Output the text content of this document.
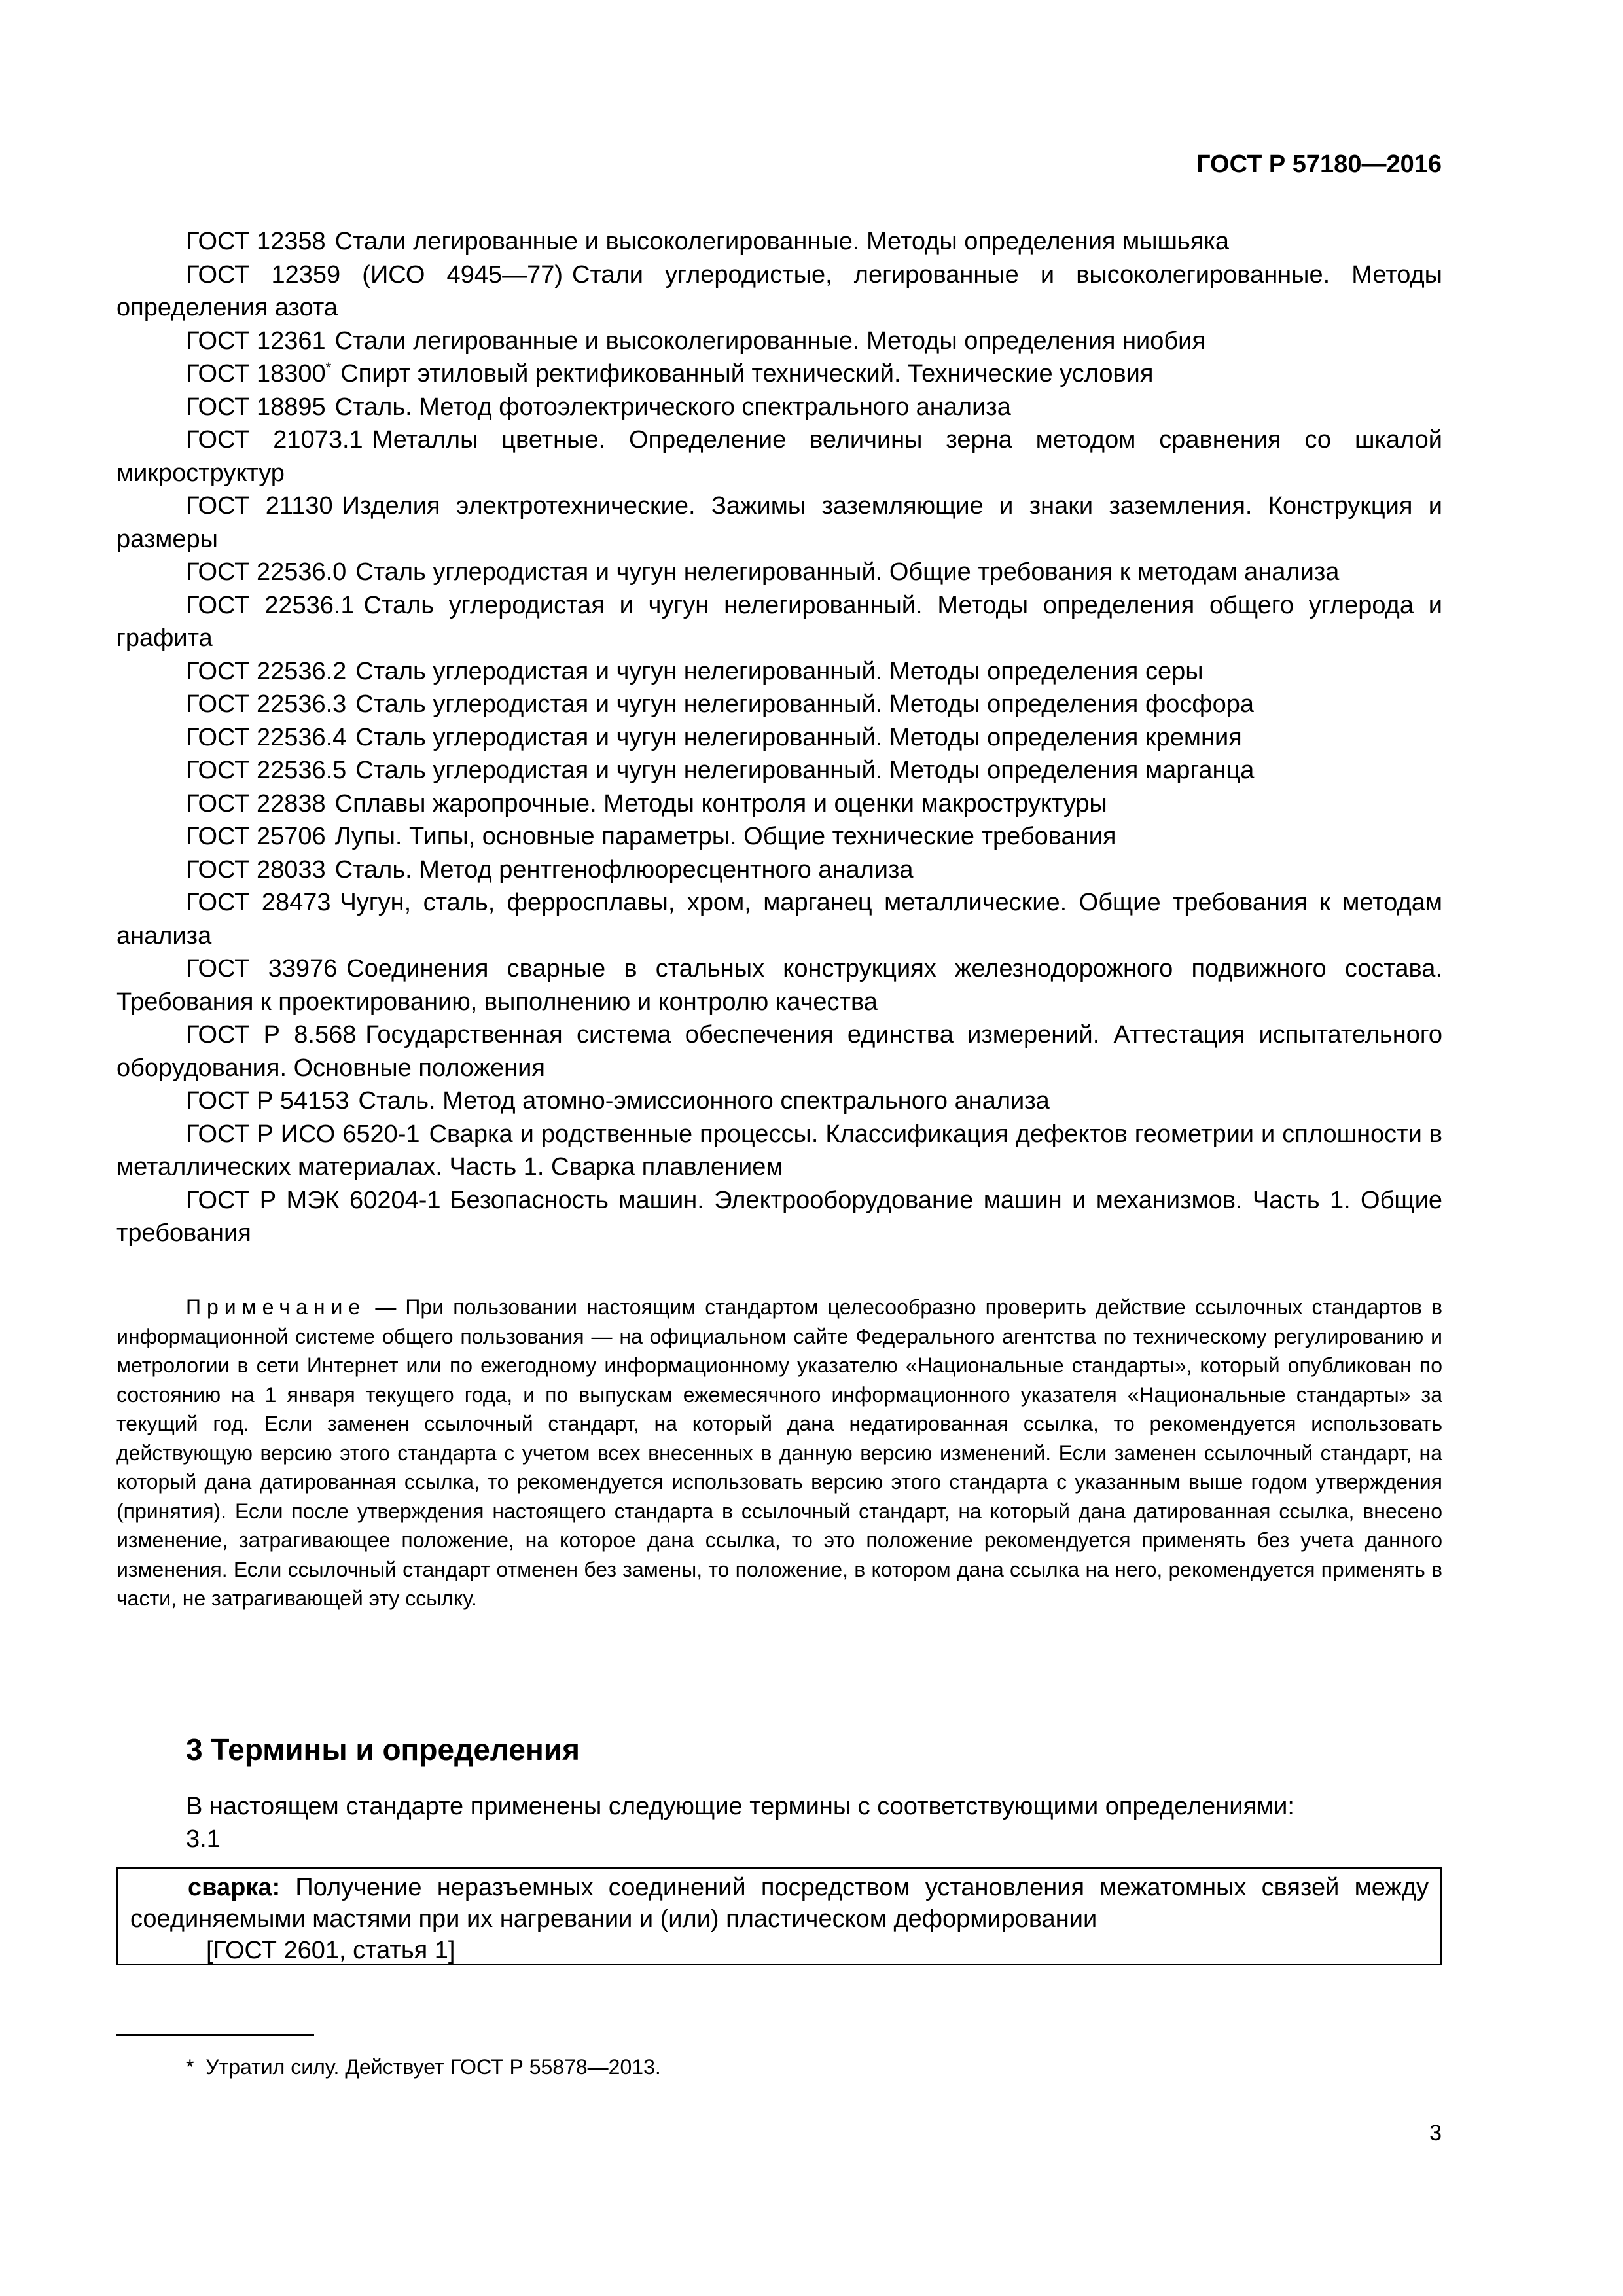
ГОСТ Р 57180—2016

ГОСТ 12358 Стали легированные и высоколегированные. Методы определения мышьяка

ГОСТ 12359 (ИСО 4945—77) Стали углеродистые, легированные и высоколегированные. Методы определения азота

ГОСТ 12361 Стали легированные и высоколегированные. Методы определения ниобия

ГОСТ 18300* Спирт этиловый ректификованный технический. Технические условия

ГОСТ 18895 Сталь. Метод фотоэлектрического спектрального анализа

ГОСТ 21073.1 Металлы цветные. Определение величины зерна методом сравнения со шкалой микроструктур

ГОСТ 21130 Изделия электротехнические. Зажимы заземляющие и знаки заземления. Конструкция и размеры

ГОСТ 22536.0 Сталь углеродистая и чугун нелегированный. Общие требования к методам анализа

ГОСТ 22536.1 Сталь углеродистая и чугун нелегированный. Методы определения общего углерода и графита

ГОСТ 22536.2 Сталь углеродистая и чугун нелегированный. Методы определения серы

ГОСТ 22536.3 Сталь углеродистая и чугун нелегированный. Методы определения фосфора

ГОСТ 22536.4 Сталь углеродистая и чугун нелегированный. Методы определения кремния

ГОСТ 22536.5 Сталь углеродистая и чугун нелегированный. Методы определения марганца

ГОСТ 22838 Сплавы жаропрочные. Методы контроля и оценки макроструктуры

ГОСТ 25706 Лупы. Типы, основные параметры. Общие технические требования

ГОСТ 28033 Сталь. Метод рентгенофлюоресцентного анализа

ГОСТ 28473 Чугун, сталь, ферросплавы, хром, марганец металлические. Общие требования к методам анализа

ГОСТ 33976 Соединения сварные в стальных конструкциях железнодорожного подвижного состава. Требования к проектированию, выполнению и контролю качества

ГОСТ Р 8.568 Государственная система обеспечения единства измерений. Аттестация испытательного оборудования. Основные положения

ГОСТ Р 54153 Сталь. Метод атомно-эмиссионного спектрального анализа

ГОСТ Р ИСО 6520-1 Сварка и родственные процессы. Классификация дефектов геометрии и сплошности в металлических материалах. Часть 1. Сварка плавлением

ГОСТ Р МЭК 60204-1 Безопасность машин. Электрооборудование машин и механизмов. Часть 1. Общие требования

Примечание — При пользовании настоящим стандартом целесообразно проверить действие ссылочных стандартов в информационной системе общего пользования — на официальном сайте Федерального агентства по техническому регулированию и метрологии в сети Интернет или по ежегодному информационному указателю «Национальные стандарты», который опубликован по состоянию на 1 января текущего года, и по выпускам ежемесячного информационного указателя «Национальные стандарты» за текущий год. Если заменен ссылочный стандарт, на который дана недатированная ссылка, то рекомендуется использовать действующую версию этого стандарта с учетом всех внесенных в данную версию изменений. Если заменен ссылочный стандарт, на который дана датированная ссылка, то рекомендуется использовать версию этого стандарта с указанным выше годом утверждения (принятия). Если после утверждения настоящего стандарта в ссылочный стандарт, на который дана датированная ссылка, внесено изменение, затрагивающее положение, на которое дана ссылка, то это положение рекомендуется применять без учета данного изменения. Если ссылочный стандарт отменен без замены, то положение, в котором дана ссылка на него, рекомендуется применять в части, не затрагивающей эту ссылку.

3 Термины и определения
В настоящем стандарте применены следующие термины с соответствующими определениями:
3.1

сварка: Получение неразъемных соединений посредством установления межатомных связей между соединяемыми мастями при их нагревании и (или) пластическом деформировании

[ГОСТ 2601, статья 1]

* Утратил силу. Действует ГОСТ Р 55878—2013.

3
